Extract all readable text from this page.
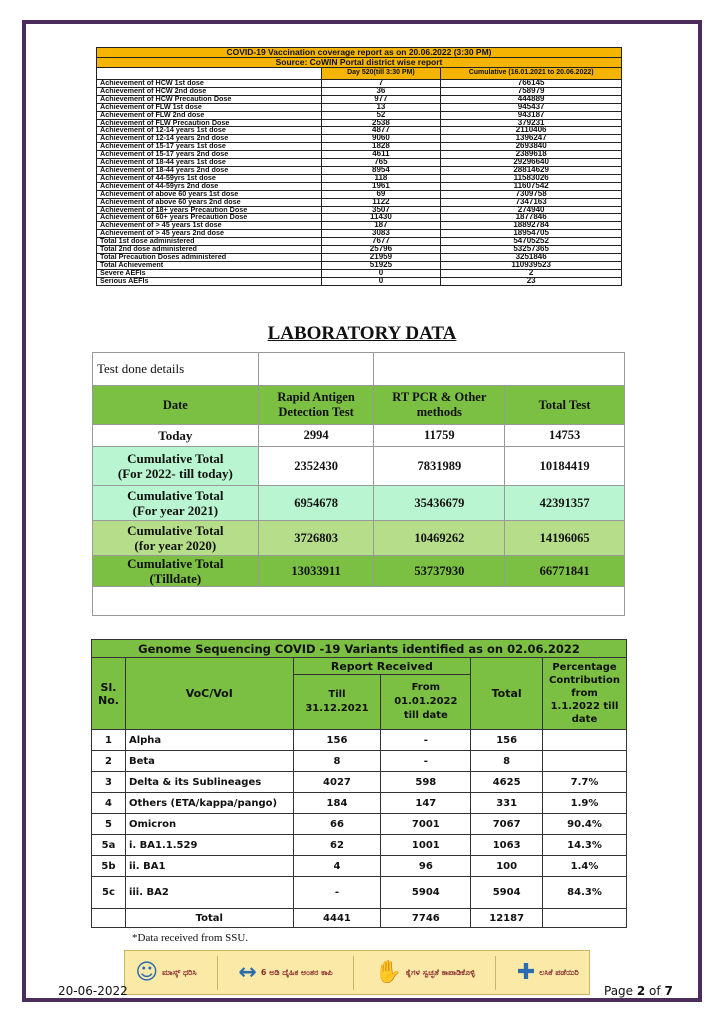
COVID-19 Vaccination coverage report as on 20.06.2022 (3:30 PM)		
Source: CoWIN Portal district wise report		
	Day 520(till 3:30 PM)	Cumulative (16.01.2021 to 20.06.2022)
Achievement of HCW 1st dose	7	766145
Achievement of HCW 2nd dose	36	758979
Achievement of HCW Precaution Dose	977	444889
Achievement of FLW 1st dose	13	945437
Achievement of FLW 2nd dose	52	943187
Achievement of FLW Precaution Dose	2538	379231
Achievement of 12-14 years 1st dose	4877	2110406
Achievement of 12-14 years 2nd dose	9060	1396247
Achievement of 15-17 years 1st dose	1828	2693840
Achievement of 15-17 years 2nd dose	4611	2389618
Achievement of 18-44 years 1st dose	765	29296640
Achievement of 18-44 years 2nd dose	8954	28814629
Achievement of 44-59yrs 1st dose	118	11583026
Achievement of 44-59yrs 2nd dose	1961	11607542
Achievement of above 60 years 1st dose	69	7309758
Achievement of above 60 years 2nd dose	1122	7347163
Achievement of 18+ years Precaution Dose	3507	274940
Achievement of 60+ years Precaution Dose	11430	1877846
Achievement of > 45 years 1st dose	187	18892784
Achievement of > 45 years 2nd dose	3083	18954705
Total 1st dose administered	7677	54705252
Total 2nd dose administered	25796	53257365
Total Precaution Doses administered	21959	3251846
Total Achievement	51925	110939523
Severe AEFIs	0	2
Serious AEFIs	0	23
LABORATORY DATA
Test done details			
Date	Rapid Antigen Detection Test	RT PCR & Other methods	Total Test
Today	2994	11759	14753
Cumulative Total
(For 2022- till today)	2352430	7831989	10184419
Cumulative Total
(For year 2021)	6954678	35436679	42391357
Cumulative Total
(for year 2020)	3726803	10469262	14196065
Cumulative Total
(Tilldate)	13033911	53737930	66771841

Genome Sequencing COVID -19 Variants identified as on 02.06.2022					
Sl.
No.	VoC/VoI	Report Received		Total	Percentage
Contribution
from
1.1.2022 till
date
		Till 31.12.2021	From
01.01.2022
till date		
1	Alpha	156	-	156	
2	Beta	8	-	8	
3	Delta & its Sublineages	4027	598	4625	7.7%
4	Others (ETA/kappa/pango)	184	147	331	1.9%
5	Omicron	66	7001	7067	90.4%
5a	i. BA1.1.529	62	1001	1063	14.3%
5b	ii. BA1	4	96	100	1.4%
5c	iii. BA2	-	5904	5904	84.3%
	Total	4441	7746	12187	
*Data received from SSU.
☺ ಮಾಸ್ಕ್ ಧರಿಸಿ ↔ 6 ಅಡಿ ದೈಹಿಕ ಅಂತರ ಕಾಪಿ ✋ ಕೈಗಳ ಸ್ವಚ್ಛತೆ ಕಾಪಾಡಿಕೊಳ್ಳಿ ✚ ಲಸಿಕೆ ಪಡೆಯಿರಿ
20-06-2022	Page 2 of 7
